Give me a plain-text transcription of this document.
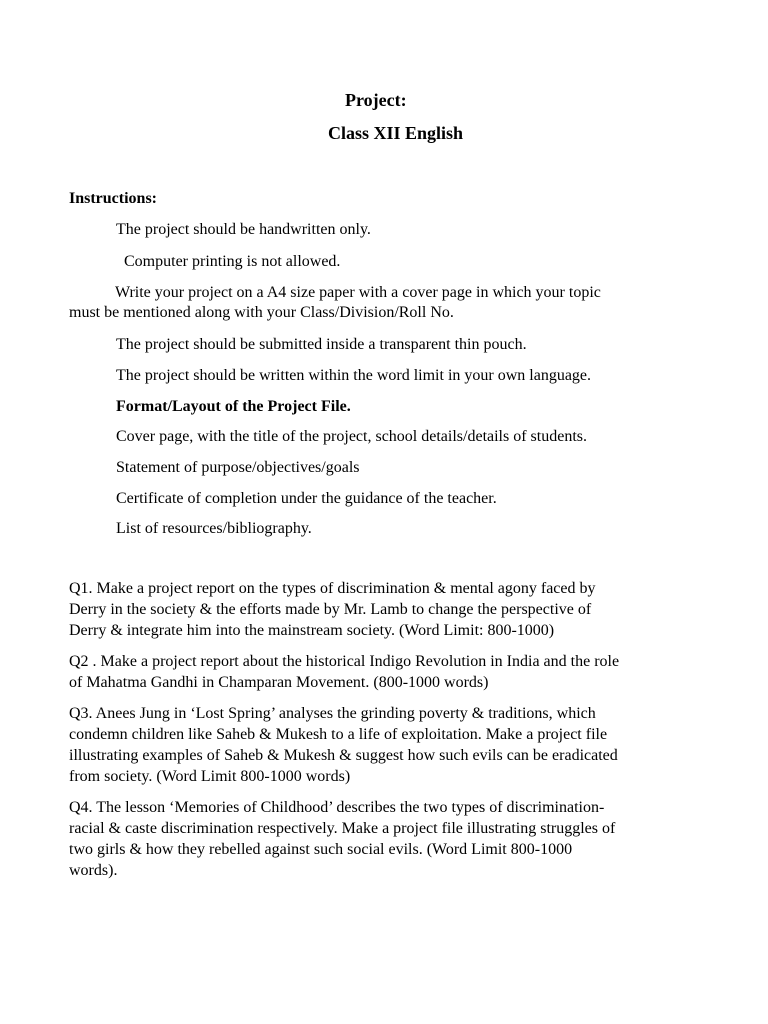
Project:
Class XII English
Instructions:
The project should be handwritten only.
Computer printing is not allowed.
Write your project on a A4 size paper with a cover page in which your topic
must be mentioned along with your Class/Division/Roll No.
The project should be submitted inside a transparent thin pouch.
The project should be written within the word limit in your own language.
Format/Layout of the Project File.
Cover page, with the title of the project, school details/details of students.
Statement of purpose/objectives/goals
Certificate of completion under the guidance of the teacher.
List of resources/bibliography.
Q1. Make a project report on the types of discrimination & mental agony faced by
Derry in the society & the efforts made by Mr. Lamb to change the perspective of
Derry & integrate him into the mainstream society. (Word Limit: 800-1000)
Q2 . Make a project report about the historical Indigo Revolution in India and the role
of Mahatma Gandhi in Champaran Movement. (800-1000 words)
Q3. Anees Jung in ‘Lost Spring’ analyses the grinding poverty & traditions, which
condemn children like Saheb & Mukesh to a life of exploitation. Make a project file
illustrating examples of Saheb & Mukesh & suggest how such evils can be eradicated
from society. (Word Limit 800-1000 words)
Q4. The lesson ‘Memories of Childhood’ describes the two types of discrimination-
racial & caste discrimination respectively. Make a project file illustrating struggles of
two girls & how they rebelled against such social evils. (Word Limit 800-1000
words).
